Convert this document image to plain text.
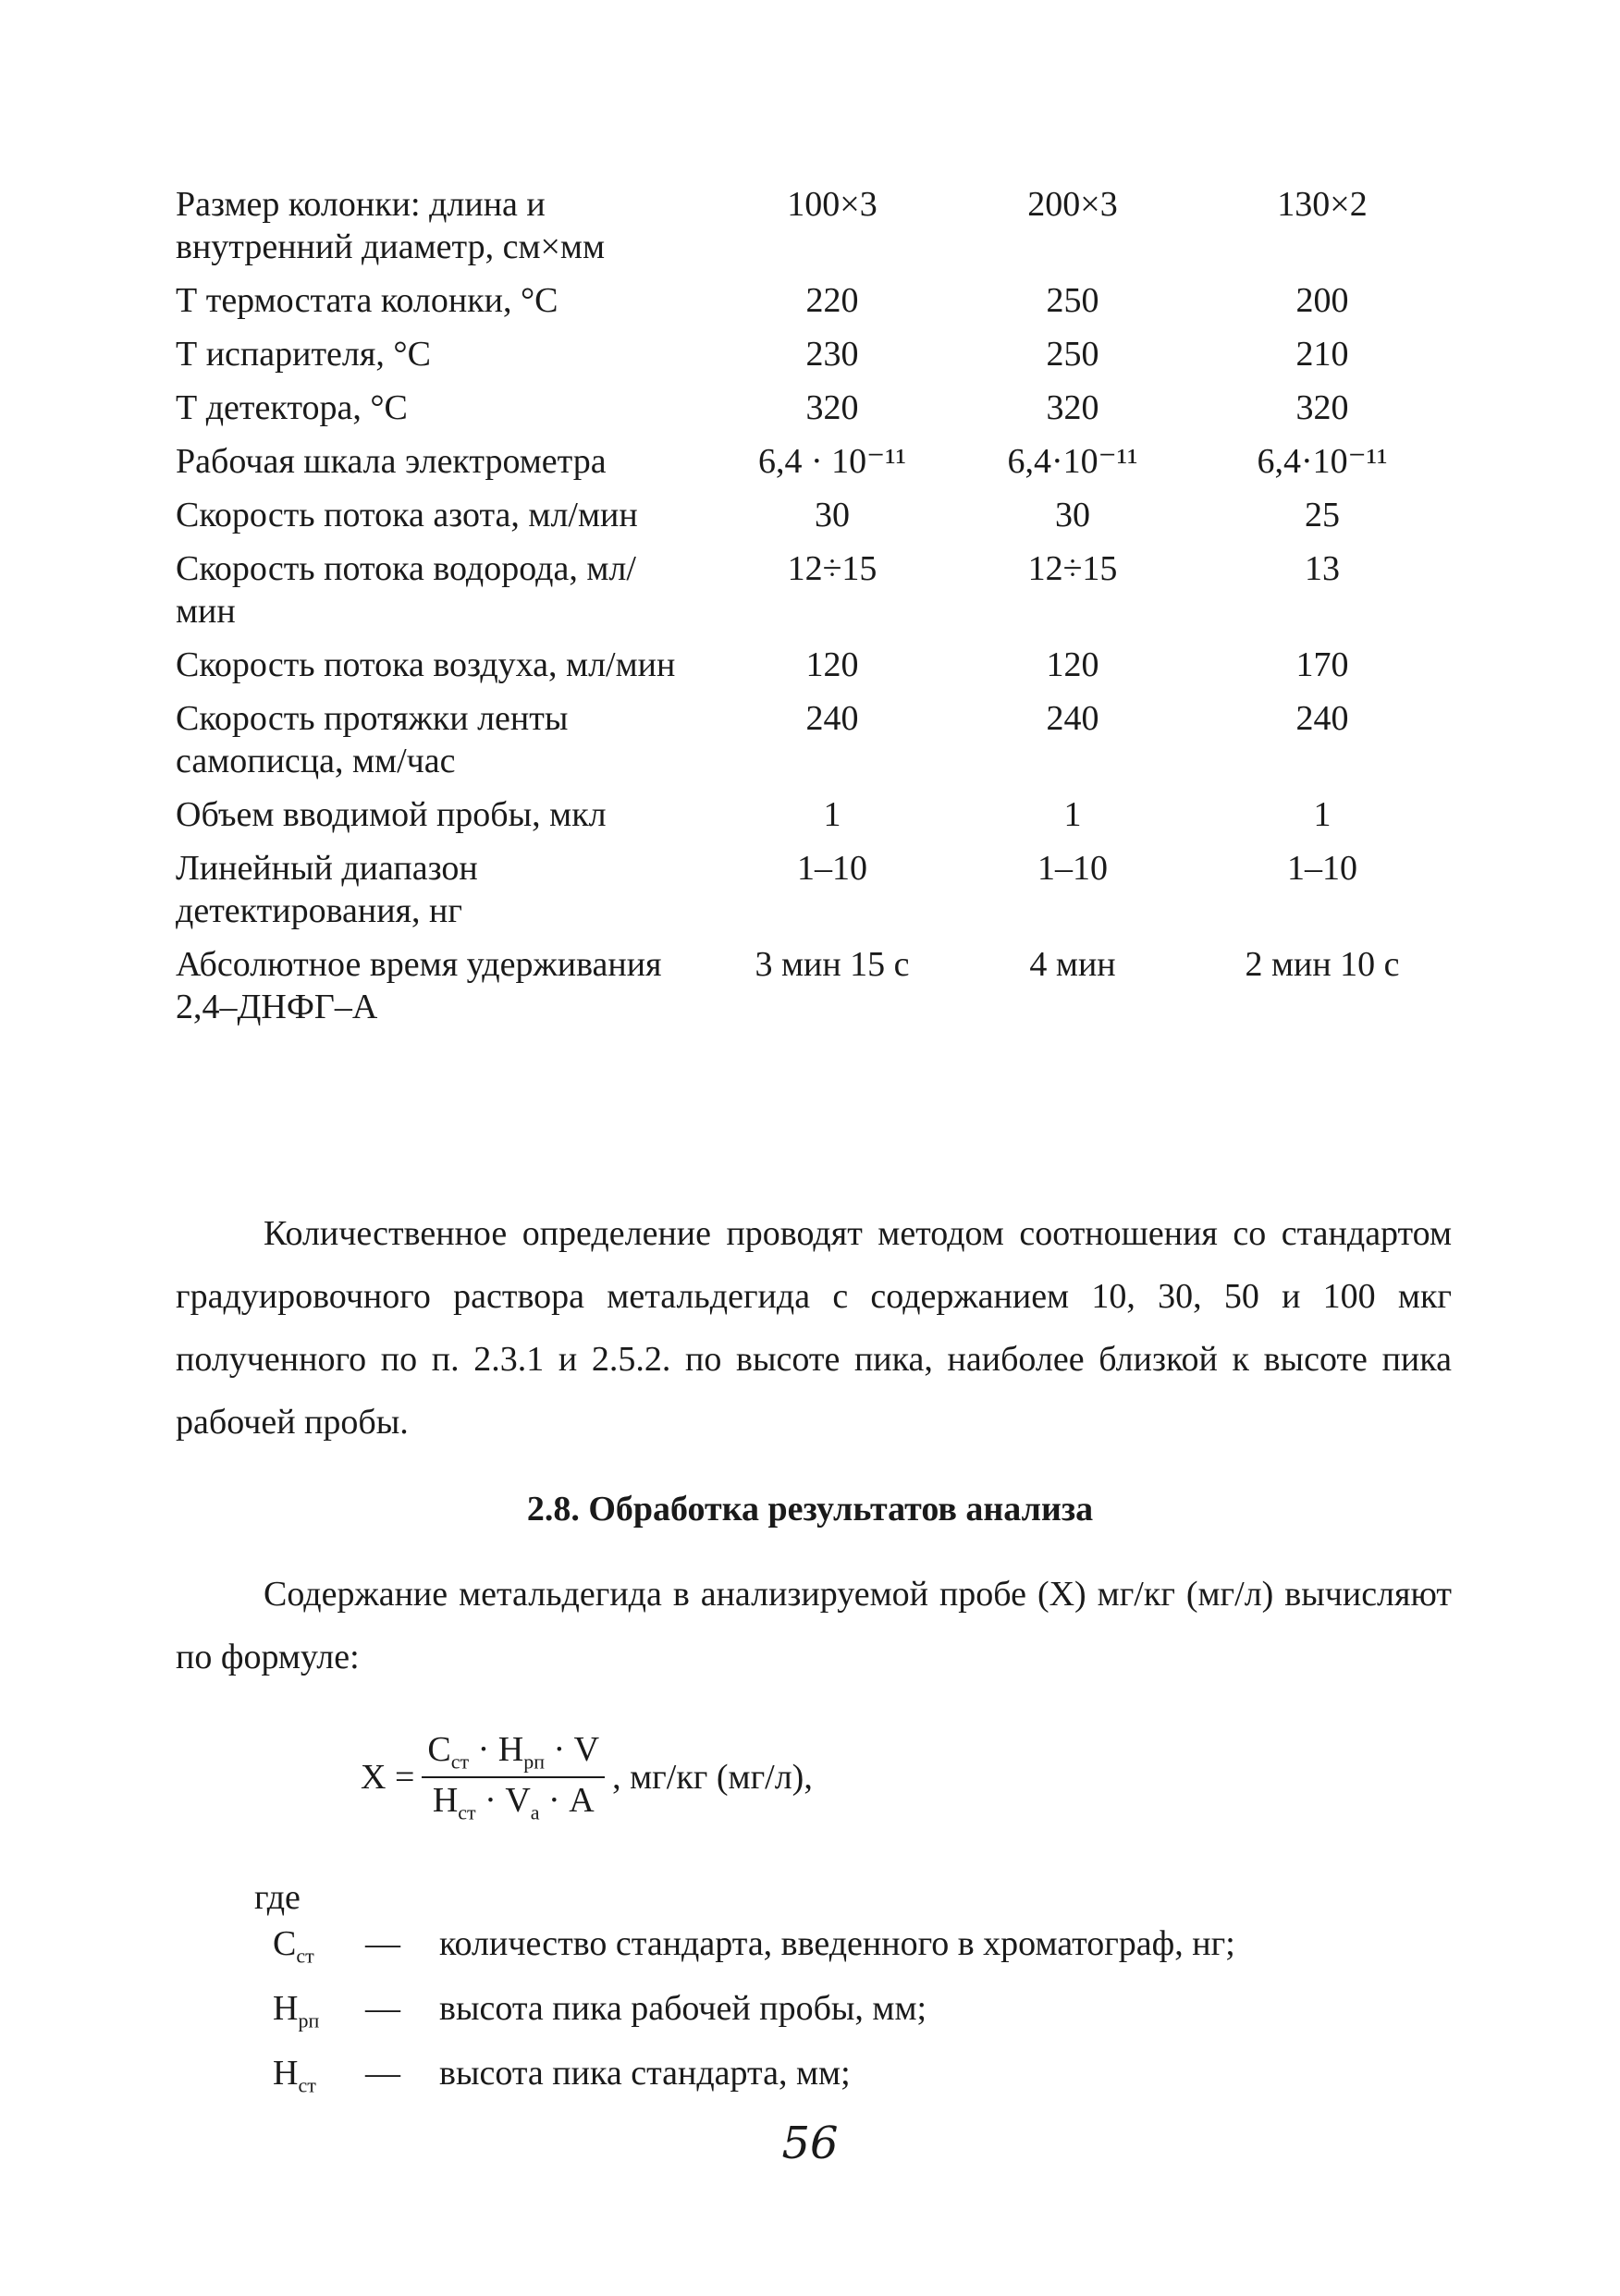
Размер колонки: длина и внутренний диаметр, см×мм	100×3	200×3	130×2
Т термостата колонки, °С	220	250	200
Т испарителя, °С	230	250	210
Т детектора, °С	320	320	320
Рабочая шкала электрометра	6,4 · 10⁻¹¹	6,4·10⁻¹¹	6,4·10⁻¹¹
Скорость потока азота, мл/мин	30	30	25
Скорость потока водорода, мл/мин	12÷15	12÷15	13
Скорость потока воздуха, мл/мин	120	120	170
Скорость протяжки ленты самописца, мм/час	240	240	240
Объем вводимой пробы, мкл	1	1	1
Линейный диапазон детектирования, нг	1–10	1–10	1–10
Абсолютное время удерживания 2,4–ДНФГ–А	3 мин 15 с	4 мин	2 мин 10 с
Количественное определение проводят методом соотношения со стандартом градуировочного раствора метальдегида с содержанием 10, 30, 50 и 100 мкг полученного по п. 2.3.1 и 2.5.2. по высоте пика, наиболее близкой к высоте пика рабочей пробы.
2.8. Обработка результатов анализа
Содержание метальдегида в анализируемой пробе (X) мг/кг (мг/л) вычисляют по формуле:
$X = \frac{C_{ст} \cdot H_{рп} \cdot V}{H_{ст} \cdot V_а \cdot A}$ , мг/кг (мг/л),
где
$C_{ст}$	—	количество стандарта, введенного в хроматограф, нг;
$H_{рп}$	—	высота пика рабочей пробы, мм;
$H_{ст}$	—	высота пика стандарта, мм;
56
